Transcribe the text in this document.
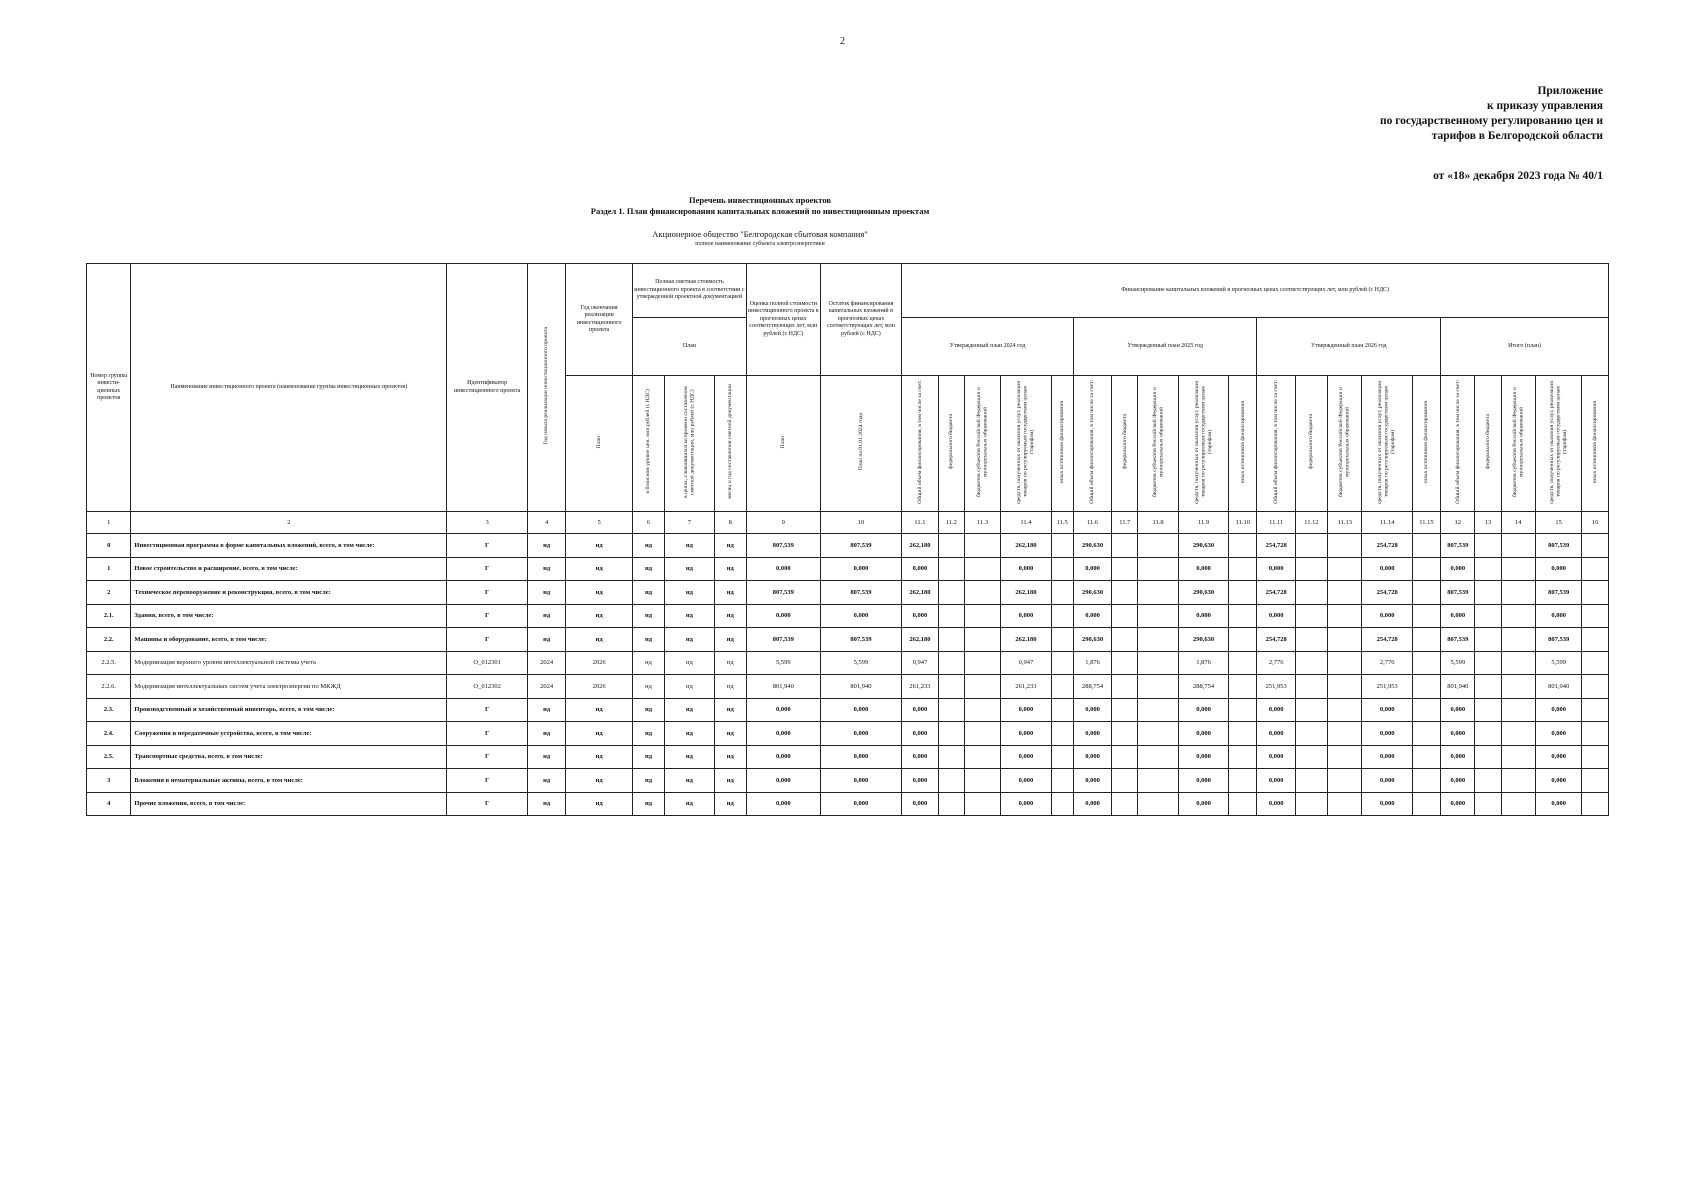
2
Приложение
к приказу управления
по государственному регулированию цен и
тарифов в Белгородской области
от «18» декабря 2023 года № 40/1
Перечень инвестиционных проектов
Раздел 1. План финансирования капитальных вложений по инвестиционным проектам
Акционерное общество "Белгородская сбытовая компания"
полное наименование субъекта электроэнергетики
Номер группы инвести-ционных проектов	Наименование инвестиционного проекта (наименование группы инвестиционных проектов)	Идентификатор инвестиционного проекта	Год начала реализации инвестиционного проекта	Год окончания реализации инвестиционного проекта	Полная сметная стоимость инвестиционного проекта в соответствии с утвержденной проектной документацией			Оценка полной стоимости инвестиционного проекта в прогнозных ценах соответствующих лет, млн рублей (с НДС)	Остаток финансирования капитальных вложений в прогнозных ценах соответствующих лет, млн рублей (с НДС)	Финансирование капитальных вложений в прогнозных ценах соответствующих лет, млн рублей (с НДС)																			
					План					Утвержденный план 2024 год					Утвержденный план 2025 год					Утвержденный план 2026 год					Итого (план)				
				План	в базисном уровне цен, млн рублей (с НДС)	в ценах, сложившихся ко времени составления сметной документации, млн рублей (с НДС)	месяц и год составления сметной документации	План	План на 01.01.2024 года	Общий объем финансирования, в том числе за счет:	федерального бюджета	бюджетов субъектов Российской Федерации и муниципальных образований	средств, полученных от оказания услуг, реализации товаров по регулируемым государством ценам (тарифам)	иных источников финансирования	Общий объем финансирования, в том числе за счет:	федерального бюджета	бюджетов субъектов Российской Федерации и муниципальных образований	средств, полученных от оказания услуг, реализации товаров по регулируемым государством ценам (тарифам)	иных источников финансирования	Общий объем финансирования, в том числе за счет:	федерального бюджета	бюджетов субъектов Российской Федерации и муниципальных образований	средств, полученных от оказания услуг, реализации товаров по регулируемым государством ценам (тарифам)	иных источников финансирования	Общий объем финансирования, в том числе за счет:	федерального бюджета	бюджетов субъектов Российской Федерации и муниципальных образований	средств, полученных от оказания услуг, реализации товаров по регулируемым государством ценам (тарифам)	иных источников финансирования
1	2	3	4	5	6	7	8	9	10	11.1	11.2	11.3	11.4	11.5	11.6	11.7	11.8	11.9	11.10	11.11	11.12	11.13	11.14	11.15	12	13	14	15	16
0	Инвестиционная программа в форме капитальных вложений, всего, в том числе:	Г	нд	нд	нд	нд	нд	807,539	807,539	262,180			262,180		290,630			290,630		254,728			254,728		807,539			807,539	
1	Новое строительство и расширение, всего, в том числе:	Г	нд	нд	нд	нд	нд	0,000	0,000	0,000			0,000		0,000			0,000		0,000			0,000		0,000			0,000	
2	Техническое перевооружение и реконструкция, всего, в том числе:	Г	нд	нд	нд	нд	нд	807,539	807,539	262,180			262,180		290,630			290,630		254,728			254,728		807,539			807,539	
2.1.	Здания, всего, в том числе:	Г	нд	нд	нд	нд	нд	0,000	0,000	0,000			0,000		0,000			0,000		0,000			0,000		0,000			0,000	
2.2.	Машины и оборудование, всего, в том числе:	Г	нд	нд	нд	нд	нд	807,539	807,539	262,180			262,180		290,630			290,630		254,728			254,728		807,539			807,539	
2.2.5.	Модернизация верхнего уровня интеллектуальной системы учета	О_012301	2024	2026	нд	нд	нд	5,599	5,599	0,947			0,947		1,876			1,876		2,776			2,776		5,599			5,599	
2.2.6.	Модернизация интеллектуальных систем учета электроэнергии по МКЖД	О_012302	2024	2026	нд	нд	нд	801,940	801,940	261,233			261,233		288,754			288,754		251,953			251,953		801,940			801,940	
2.3.	Производственный и хозяйственный инвентарь, всего, в том числе:	Г	нд	нд	нд	нд	нд	0,000	0,000	0,000			0,000		0,000			0,000		0,000			0,000		0,000			0,000	
2.4.	Сооружения и передаточные устройства, всего, в том числе:	Г	нд	нд	нд	нд	нд	0,000	0,000	0,000			0,000		0,000			0,000		0,000			0,000		0,000			0,000	
2.5.	Транспортные средства, всего, в том числе:	Г	нд	нд	нд	нд	нд	0,000	0,000	0,000			0,000		0,000			0,000		0,000			0,000		0,000			0,000	
3	Вложения в нематериальные активы, всего, в том числе:	Г	нд	нд	нд	нд	нд	0,000	0,000	0,000			0,000		0,000			0,000		0,000			0,000		0,000			0,000	
4	Прочие вложения, всего, в том числе:	Г	нд	нд	нд	нд	нд	0,000	0,000	0,000			0,000		0,000			0,000		0,000			0,000		0,000			0,000	
